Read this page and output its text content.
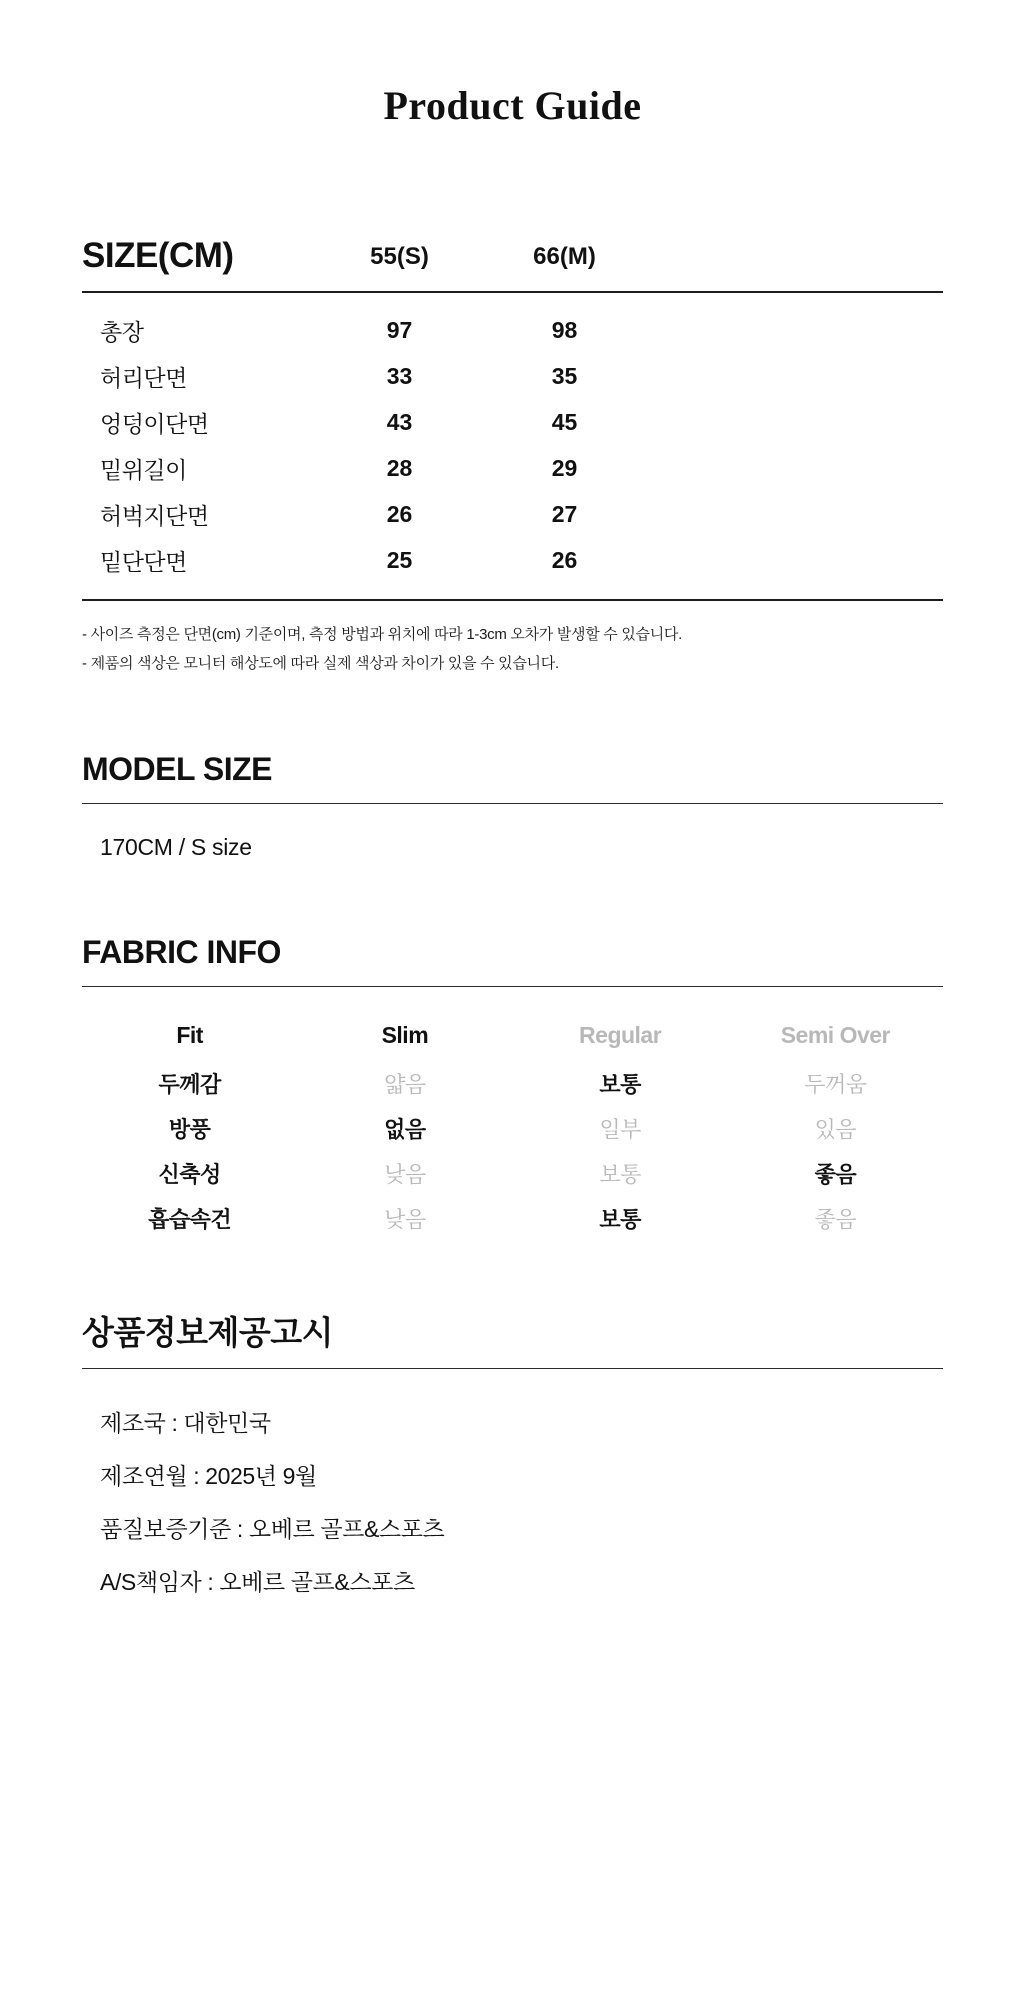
Product Guide
SIZE(CM)	55(S)	66(M)
총장	97	98
허리단면	33	35
엉덩이단면	43	45
밑위길이	28	29
허벅지단면	26	27
밑단단면	25	26
- 사이즈 측정은 단면(cm) 기준이며, 측정 방법과 위치에 따라 1-3cm 오차가 발생할 수 있습니다.
- 제품의 색상은 모니터 해상도에 따라 실제 색상과 차이가 있을 수 있습니다.
MODEL SIZE
170CM / S size
FABRIC INFO
Fit	Slim	Regular	Semi Over
두께감	얇음	보통	두꺼움
방풍	없음	일부	있음
신축성	낮음	보통	좋음
흡습속건	낮음	보통	좋음
상품정보제공고시
제조국 : 대한민국
제조연월 : 2025년 9월
품질보증기준 : 오베르 골프&스포츠
A/S책임자 : 오베르 골프&스포츠
